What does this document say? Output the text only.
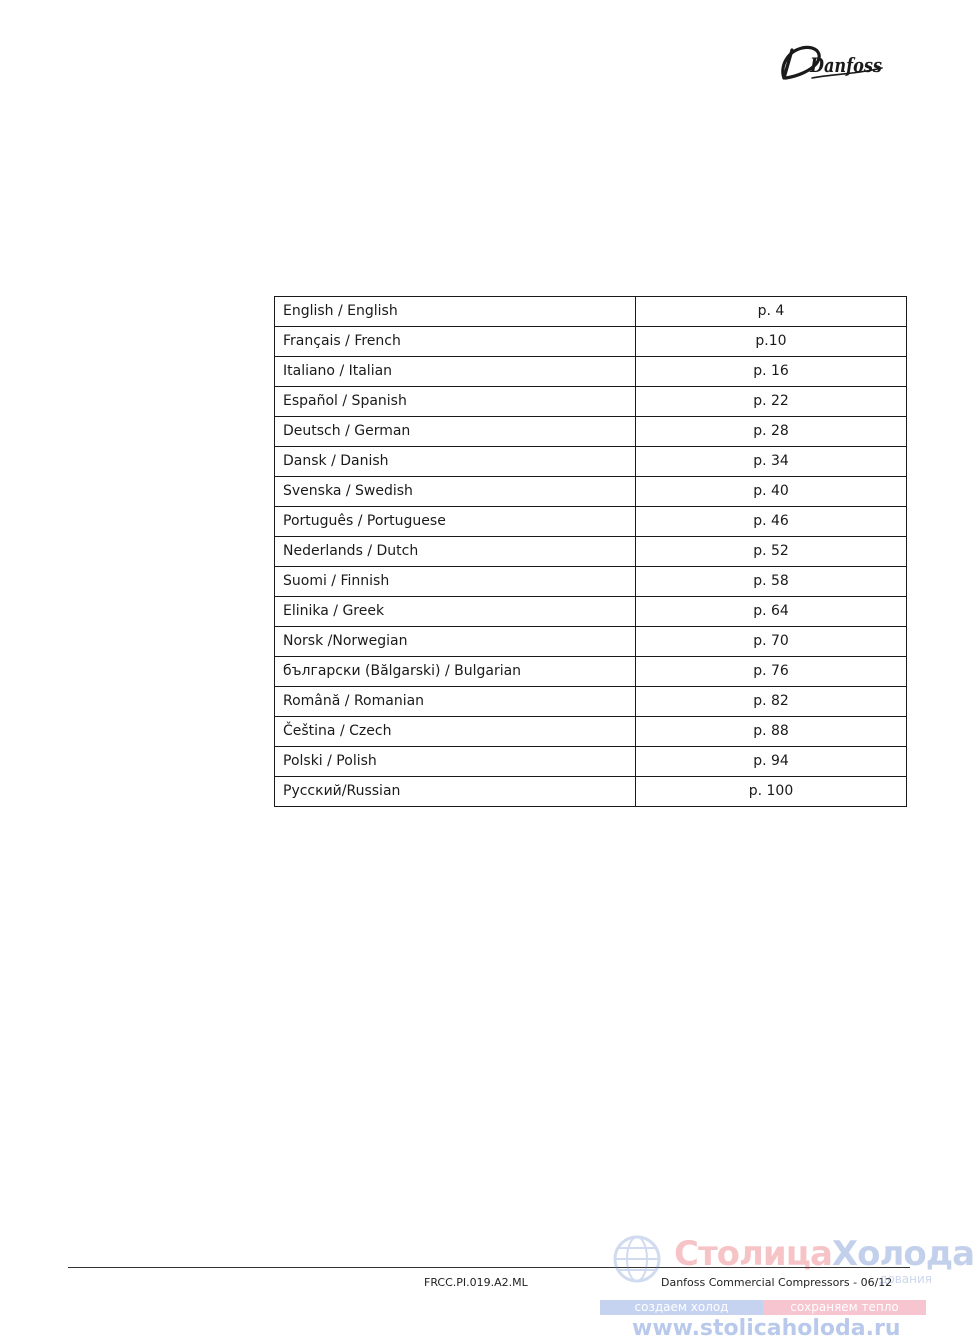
Danfoss
English / English	p. 4
Français / French	p.10
Italiano / Italian	p. 16
Español / Spanish	p. 22
Deutsch / German	p. 28
Dansk / Danish	p. 34
Svenska / Swedish	p. 40
Português / Portuguese	p. 46
Nederlands / Dutch	p. 52
Suomi / Finnish	p. 58
Elinika / Greek	p. 64
Norsk /Norwegian	p. 70
български (Bălgarski) / Bulgarian	p. 76
Română / Romanian	p. 82
Čeština / Czech	p. 88
Polski / Polish	p. 94
Русский/Russian	p. 100
FRCC.PI.019.A2.ML	Danfoss Commercial Compressors - 06/12
СтолицаХолода
дования
создаем холод	сохраняем тепло
www.stolicaholoda.ru
